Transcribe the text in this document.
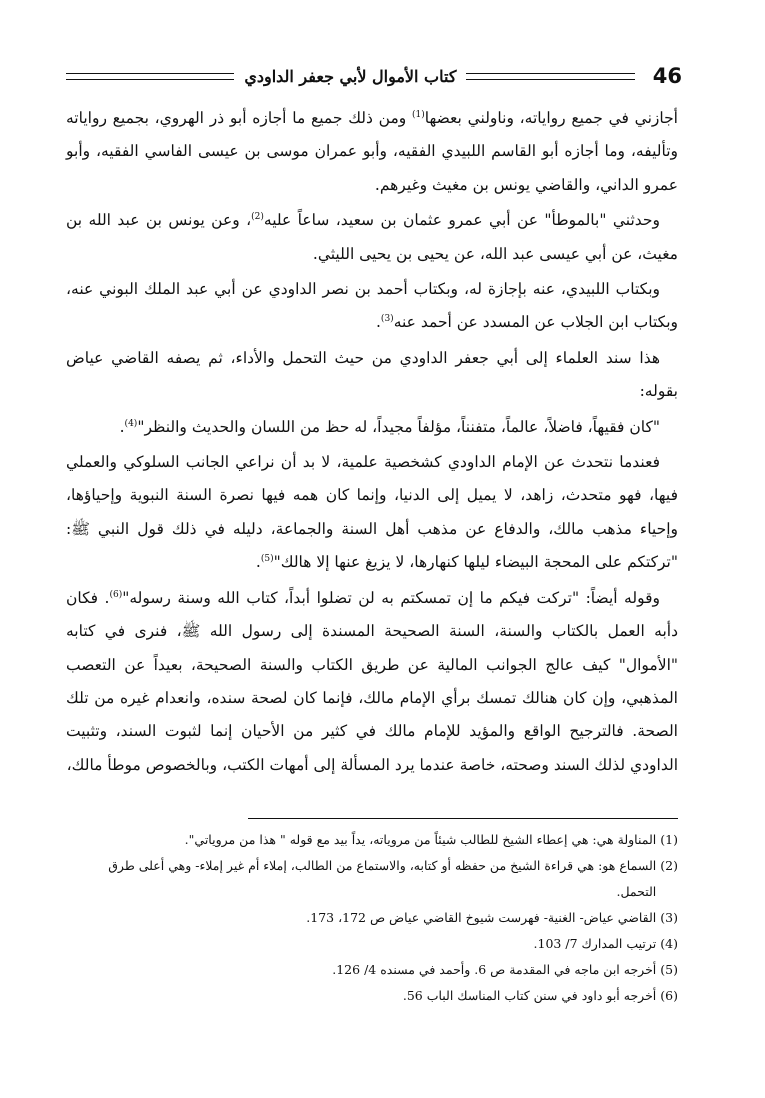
46
كتاب الأموال لأبي جعفر الداودي

أجازني في جميع رواياته، وناولني بعضها$^{(1)}$ ومن ذلك جميع ما أجازه أبو ذر الهروي، بجميع رواياته وتأليفه، وما أجازه أبو القاسم اللبيدي الفقيه، وأبو عمران موسى بن عيسى الفاسي الفقيه، وأبو عمرو الداني، والقاضي يونس بن مغيث وغيرهم.

وحدثني "بالموطأ" عن أبي عمرو عثمان بن سعيد، ساعاً عليه$^{(2)}$، وعن يونس بن عبد الله بن مغيث، عن أبي عيسى عبد الله، عن يحيى بن يحيى الليثي.

وبكتاب اللبيدي، عنه بإجازة له، وبكتاب أحمد بن نصر الداودي عن أبي عبد الملك البوني عنه، وبكتاب ابن الجلاب عن المسدد عن أحمد عنه$^{(3)}$.

هذا سند العلماء إلى أبي جعفر الداودي من حيث التحمل والأداء، ثم يصفه القاضي عياض بقوله:

"كان فقيهاً، فاضلاً، عالماً، متفنناً، مؤلفاً مجيداً، له حظ من اللسان والحديث والنظر"$^{(4)}$.

فعندما نتحدث عن الإمام الداودي كشخصية علمية، لا بد أن نراعي الجانب السلوكي والعملي فيها، فهو متحدث، زاهد، لا يميل إلى الدنيا، وإنما كان همه فيها نصرة السنة النبوية وإحياؤها، وإحياء مذهب مالك، والدفاع عن مذهب أهل السنة والجماعة، دليله في ذلك قول النبي ﷺ: "تركتكم على المحجة البيضاء ليلها كنهارها، لا يزيغ عنها إلا هالك"$^{(5)}$.

وقوله أيضاً: "تركت فيكم ما إن تمسكتم به لن تضلوا أبداً، كتاب الله وسنة رسوله"$^{(6)}$. فكان دأبه العمل بالكتاب والسنة، السنة الصحيحة المسندة إلى رسول الله ﷺ، فنرى في كتابه "الأموال" كيف عالج الجوانب المالية عن طريق الكتاب والسنة الصحيحة، بعيداً عن التعصب المذهبي، وإن كان هنالك تمسك برأي الإمام مالك، فإنما كان لصحة سنده، وانعدام غيره من تلك الصحة. فالترجيح الواقع والمؤيد للإمام مالك في كثير من الأحيان إنما لثبوت السند، وتثبيت الداودي لذلك السند وصحته، خاصة عندما يرد المسألة إلى أمهات الكتب، وبالخصوص موطأ مالك،

(1)
المناولة هي: هي إعطاء الشيخ للطالب شيئاً من مروياته، يداً بيد مع قوله " هذا من مروياتي".
(2)
السماع هو: هي قراءة الشيخ من حفظه أو كتابه، والاستماع من الطالب، إملاء أم غير إملاء- وهي أعلى طرق التحمل.
(3)
القاضي عياض- الغنية- فهرست شيوخ القاضي عياض ص 172، 173.
(4)
ترتيب المدارك 7/ 103.
(5)
أخرجه ابن ماجه في المقدمة ص 6. وأحمد في مسنده 4/ 126.
(6)
أخرجه أبو داود في سنن كتاب المناسك الباب 56.
